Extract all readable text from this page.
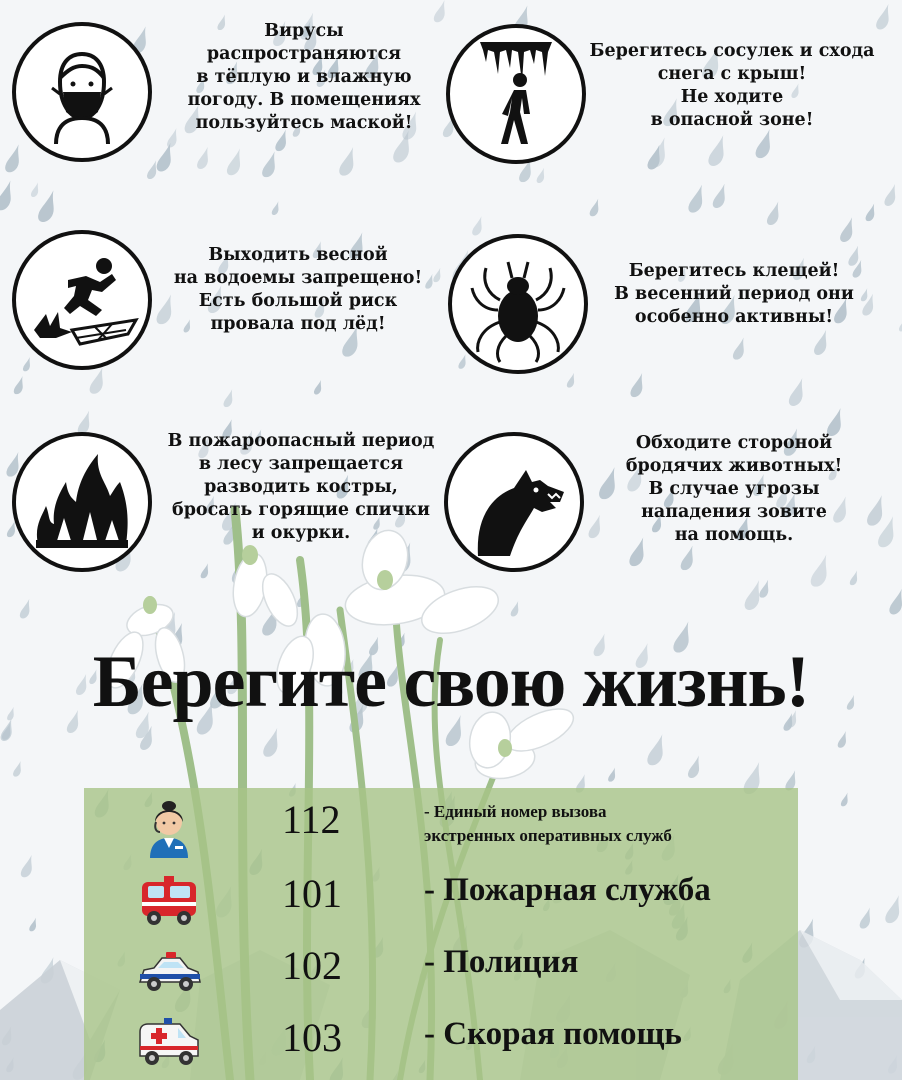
Вирусы
распространяются
в тёплую и влажную
погоду. В помещениях
пользуйтесь маской!
Берегитесь сосулек и схода
снега с крыш!
Не ходите
в опасной зоне!
Выходить весной
на водоемы запрещено!
Есть большой риск
провала под лёд!
Берегитесь клещей!
В весенний период они
особенно активны!
В пожароопасный период
в лесу запрещается
разводить костры,
бросать горящие спички
и окурки.
Обходите стороной
бродячих животных!
В случае угрозы
нападения зовите
на помощь.
Берегите свою жизнь!
112	- Единый номер вызова
экстренных оперативных служб
101 - Пожарная служба
102 - Полиция
103 - Скорая помощь
